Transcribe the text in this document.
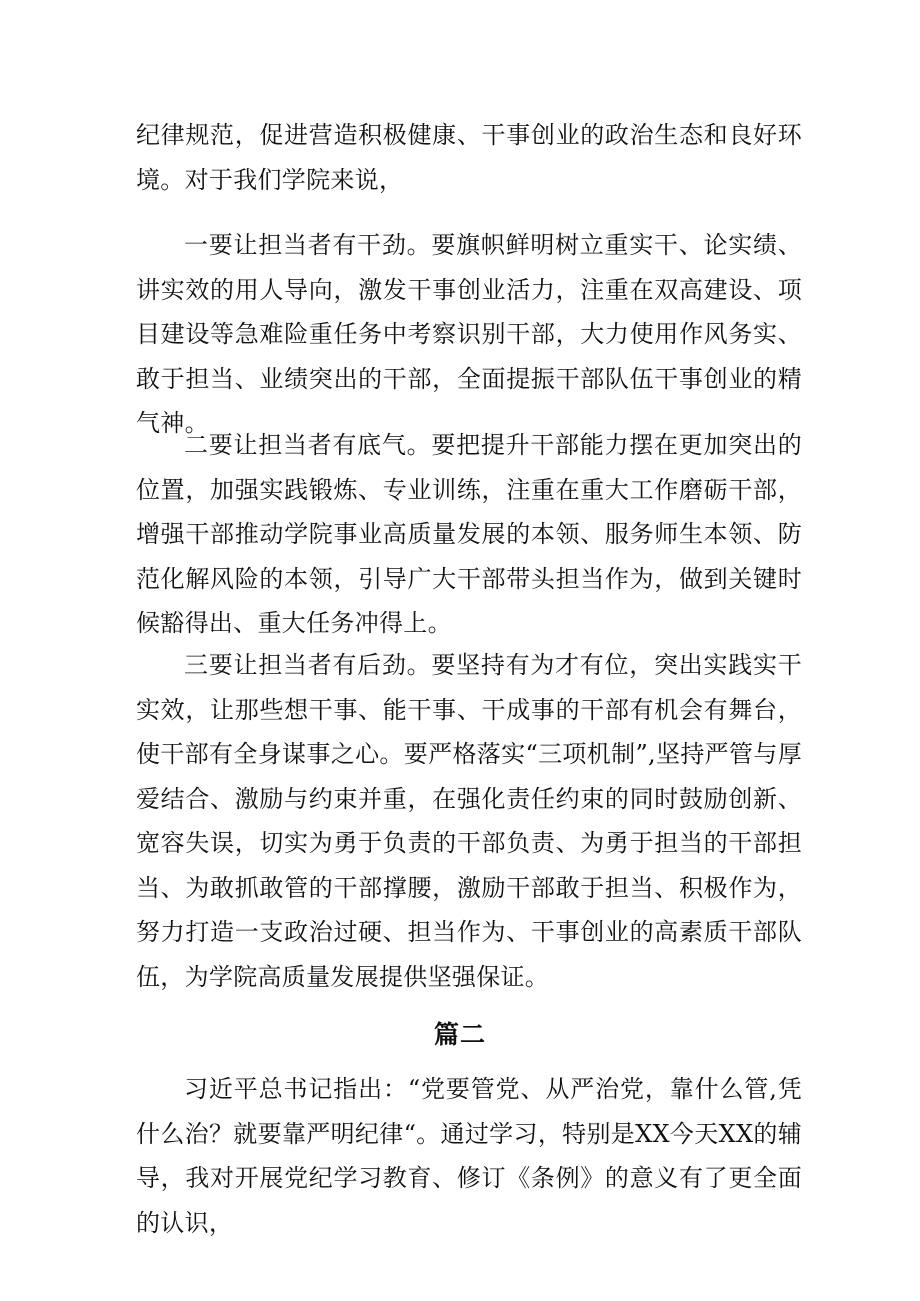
纪律规范，促进营造积极健康、干事创业的政治生态和良好环境。对于我们学院来说，

一要让担当者有干劲。要旗帜鲜明树立重实干、论实绩、讲实效的用人导向，激发干事创业活力，注重在双高建设、项目建设等急难险重任务中考察识别干部，大力使用作风务实、敢于担当、业绩突出的干部，全面提振干部队伍干事创业的精气神。

二要让担当者有底气。要把提升干部能力摆在更加突出的位置，加强实践锻炼、专业训练，注重在重大工作磨砺干部，增强干部推动学院事业高质量发展的本领、服务师生本领、防范化解风险的本领，引导广大干部带头担当作为，做到关键时候豁得出、重大任务冲得上。

三要让担当者有后劲。要坚持有为才有位，突出实践实干实效，让那些想干事、能干事、干成事的干部有机会有舞台，使干部有全身谋事之心。要严格落实“三项机制”,坚持严管与厚爱结合、激励与约束并重，在强化责任约束的同时鼓励创新、宽容失误，切实为勇于负责的干部负责、为勇于担当的干部担当、为敢抓敢管的干部撑腰，激励干部敢于担当、积极作为，努力打造一支政治过硬、担当作为、干事创业的高素质干部队伍，为学院高质量发展提供坚强保证。

篇二

习近平总书记指出：“党要管党、从严治党，靠什么管,凭什么治？就要靠严明纪律“。通过学习，特别是XX今天XX的辅导，我对开展党纪学习教育、修订《条例》的意义有了更全面的认识，
